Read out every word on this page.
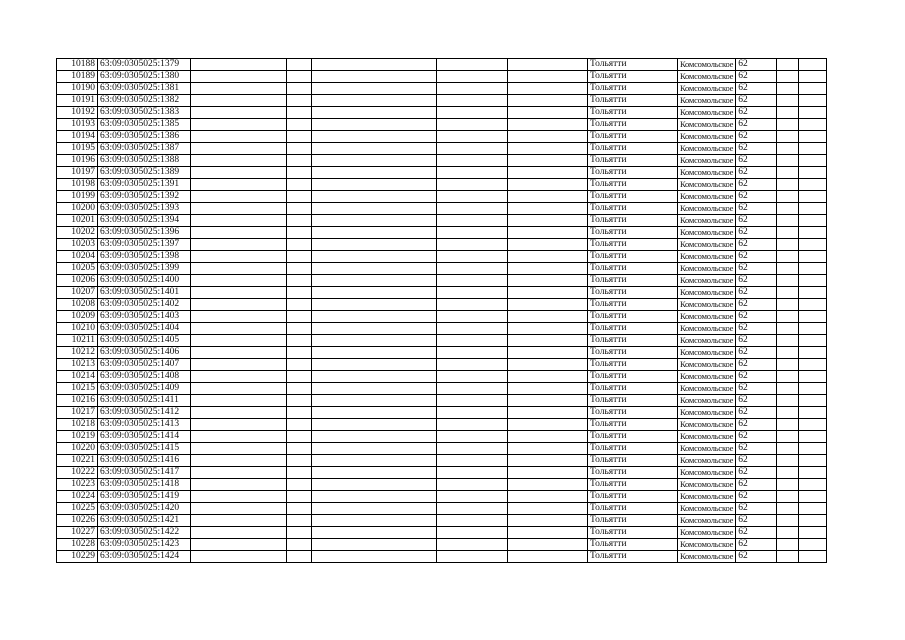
10188	63:09:0305025:1379						Тольятти	Комсомольское	62		
10189	63:09:0305025:1380						Тольятти	Комсомольское	62		
10190	63:09:0305025:1381						Тольятти	Комсомольское	62		
10191	63:09:0305025:1382						Тольятти	Комсомольское	62		
10192	63:09:0305025:1383						Тольятти	Комсомольское	62		
10193	63:09:0305025:1385						Тольятти	Комсомольское	62		
10194	63:09:0305025:1386						Тольятти	Комсомольское	62		
10195	63:09:0305025:1387						Тольятти	Комсомольское	62		
10196	63:09:0305025:1388						Тольятти	Комсомольское	62		
10197	63:09:0305025:1389						Тольятти	Комсомольское	62		
10198	63:09:0305025:1391						Тольятти	Комсомольское	62		
10199	63:09:0305025:1392						Тольятти	Комсомольское	62		
10200	63:09:0305025:1393						Тольятти	Комсомольское	62		
10201	63:09:0305025:1394						Тольятти	Комсомольское	62		
10202	63:09:0305025:1396						Тольятти	Комсомольское	62		
10203	63:09:0305025:1397						Тольятти	Комсомольское	62		
10204	63:09:0305025:1398						Тольятти	Комсомольское	62		
10205	63:09:0305025:1399						Тольятти	Комсомольское	62		
10206	63:09:0305025:1400						Тольятти	Комсомольское	62		
10207	63:09:0305025:1401						Тольятти	Комсомольское	62		
10208	63:09:0305025:1402						Тольятти	Комсомольское	62		
10209	63:09:0305025:1403						Тольятти	Комсомольское	62		
10210	63:09:0305025:1404						Тольятти	Комсомольское	62		
10211	63:09:0305025:1405						Тольятти	Комсомольское	62		
10212	63:09:0305025:1406						Тольятти	Комсомольское	62		
10213	63:09:0305025:1407						Тольятти	Комсомольское	62		
10214	63:09:0305025:1408						Тольятти	Комсомольское	62		
10215	63:09:0305025:1409						Тольятти	Комсомольское	62		
10216	63:09:0305025:1411						Тольятти	Комсомольское	62		
10217	63:09:0305025:1412						Тольятти	Комсомольское	62		
10218	63:09:0305025:1413						Тольятти	Комсомольское	62		
10219	63:09:0305025:1414						Тольятти	Комсомольское	62		
10220	63:09:0305025:1415						Тольятти	Комсомольское	62		
10221	63:09:0305025:1416						Тольятти	Комсомольское	62		
10222	63:09:0305025:1417						Тольятти	Комсомольское	62		
10223	63:09:0305025:1418						Тольятти	Комсомольское	62		
10224	63:09:0305025:1419						Тольятти	Комсомольское	62		
10225	63:09:0305025:1420						Тольятти	Комсомольское	62		
10226	63:09:0305025:1421						Тольятти	Комсомольское	62		
10227	63:09:0305025:1422						Тольятти	Комсомольское	62		
10228	63:09:0305025:1423						Тольятти	Комсомольское	62		
10229	63:09:0305025:1424						Тольятти	Комсомольское	62		
